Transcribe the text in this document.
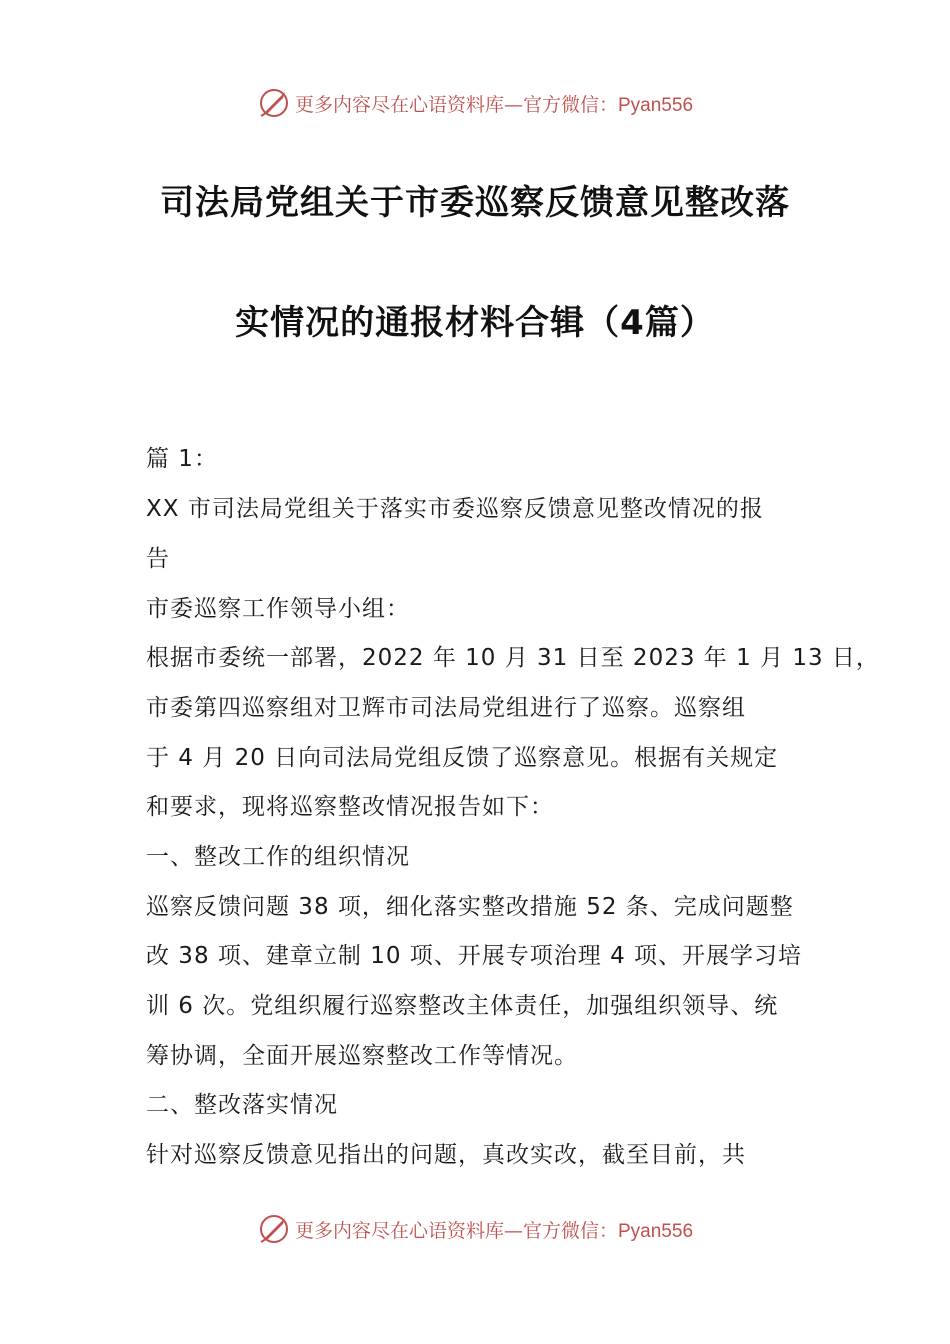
更多内容尽在心语资料库—官方微信：Pyan556
司法局党组关于市委巡察反馈意见整改落
实情况的通报材料合辑（4篇）
篇 1：
XX 市司法局党组关于落实市委巡察反馈意见整改情况的报
告
市委巡察工作领导小组：
根据市委统一部署，2022 年 10 月 31 日至 2023 年 1 月 13 日，
市委第四巡察组对卫辉市司法局党组进行了巡察。巡察组
于 4 月 20 日向司法局党组反馈了巡察意见。根据有关规定
和要求，现将巡察整改情况报告如下：
一、整改工作的组织情况
巡察反馈问题 38 项，细化落实整改措施 52 条、完成问题整
改 38 项、建章立制 10 项、开展专项治理 4 项、开展学习培
训 6 次。党组织履行巡察整改主体责任，加强组织领导、统
筹协调，全面开展巡察整改工作等情况。
二、整改落实情况
针对巡察反馈意见指出的问题，真改实改，截至目前，共
更多内容尽在心语资料库—官方微信：Pyan556
